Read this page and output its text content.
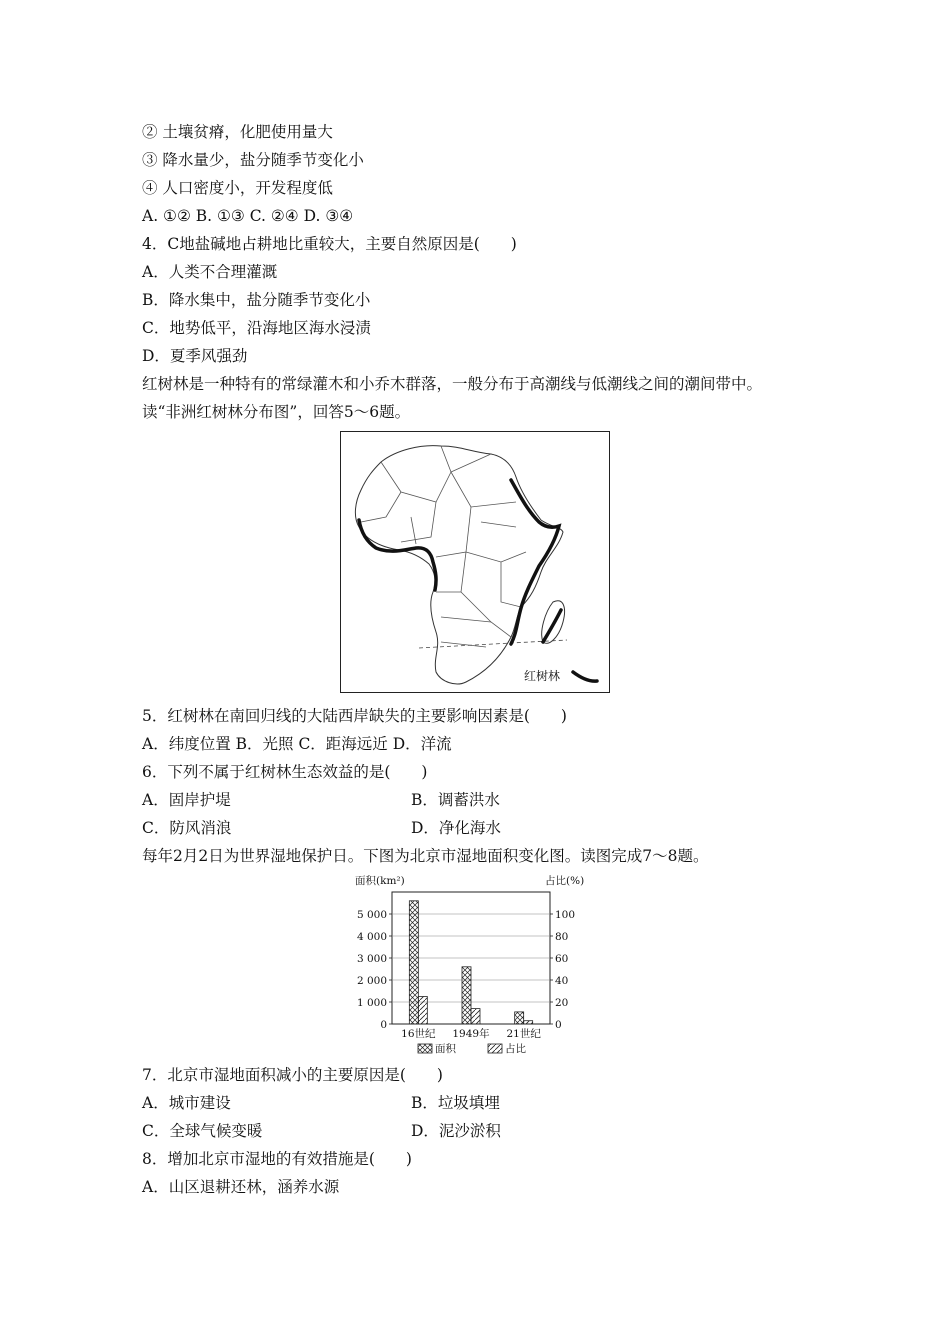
② 土壤贫瘠，化肥使用量大
③ 降水量少，盐分随季节变化小
④ 人口密度小，开发程度低
A. ①② B. ①③ C. ②④ D. ③④
4．C地盐碱地占耕地比重较大，主要自然原因是(　　)
A．人类不合理灌溉
B．降水集中，盐分随季节变化小
C．地势低平，沿海地区海水浸渍
D．夏季风强劲
红树林是一种特有的常绿灌木和小乔木群落，一般分布于高潮线与低潮线之间的潮间带中。
读“非洲红树林分布图”，回答5～6题。
红树林
5．红树林在南回归线的大陆西岸缺失的主要影响因素是(　　)
A．纬度位置 B．光照 C．距海远近 D．洋流
6．下列不属于红树林生态效益的是(　　)
A．固岸护堤	B．调蓄洪水
C．防风消浪	D．净化海水
每年2月2日为世界湿地保护日。下图为北京市湿地面积变化图。读图完成7～8题。
面积(km²)	占比(%)
0
1 000
2 000
3 000
4 000
5 000
0
20
40
60
80
100
16世纪 1949年 21世纪
面积	占比
7．北京市湿地面积减小的主要原因是(　　)
A．城市建设	B．垃圾填埋
C．全球气候变暖	D．泥沙淤积
8．增加北京市湿地的有效措施是(　　)
A．山区退耕还林，涵养水源
